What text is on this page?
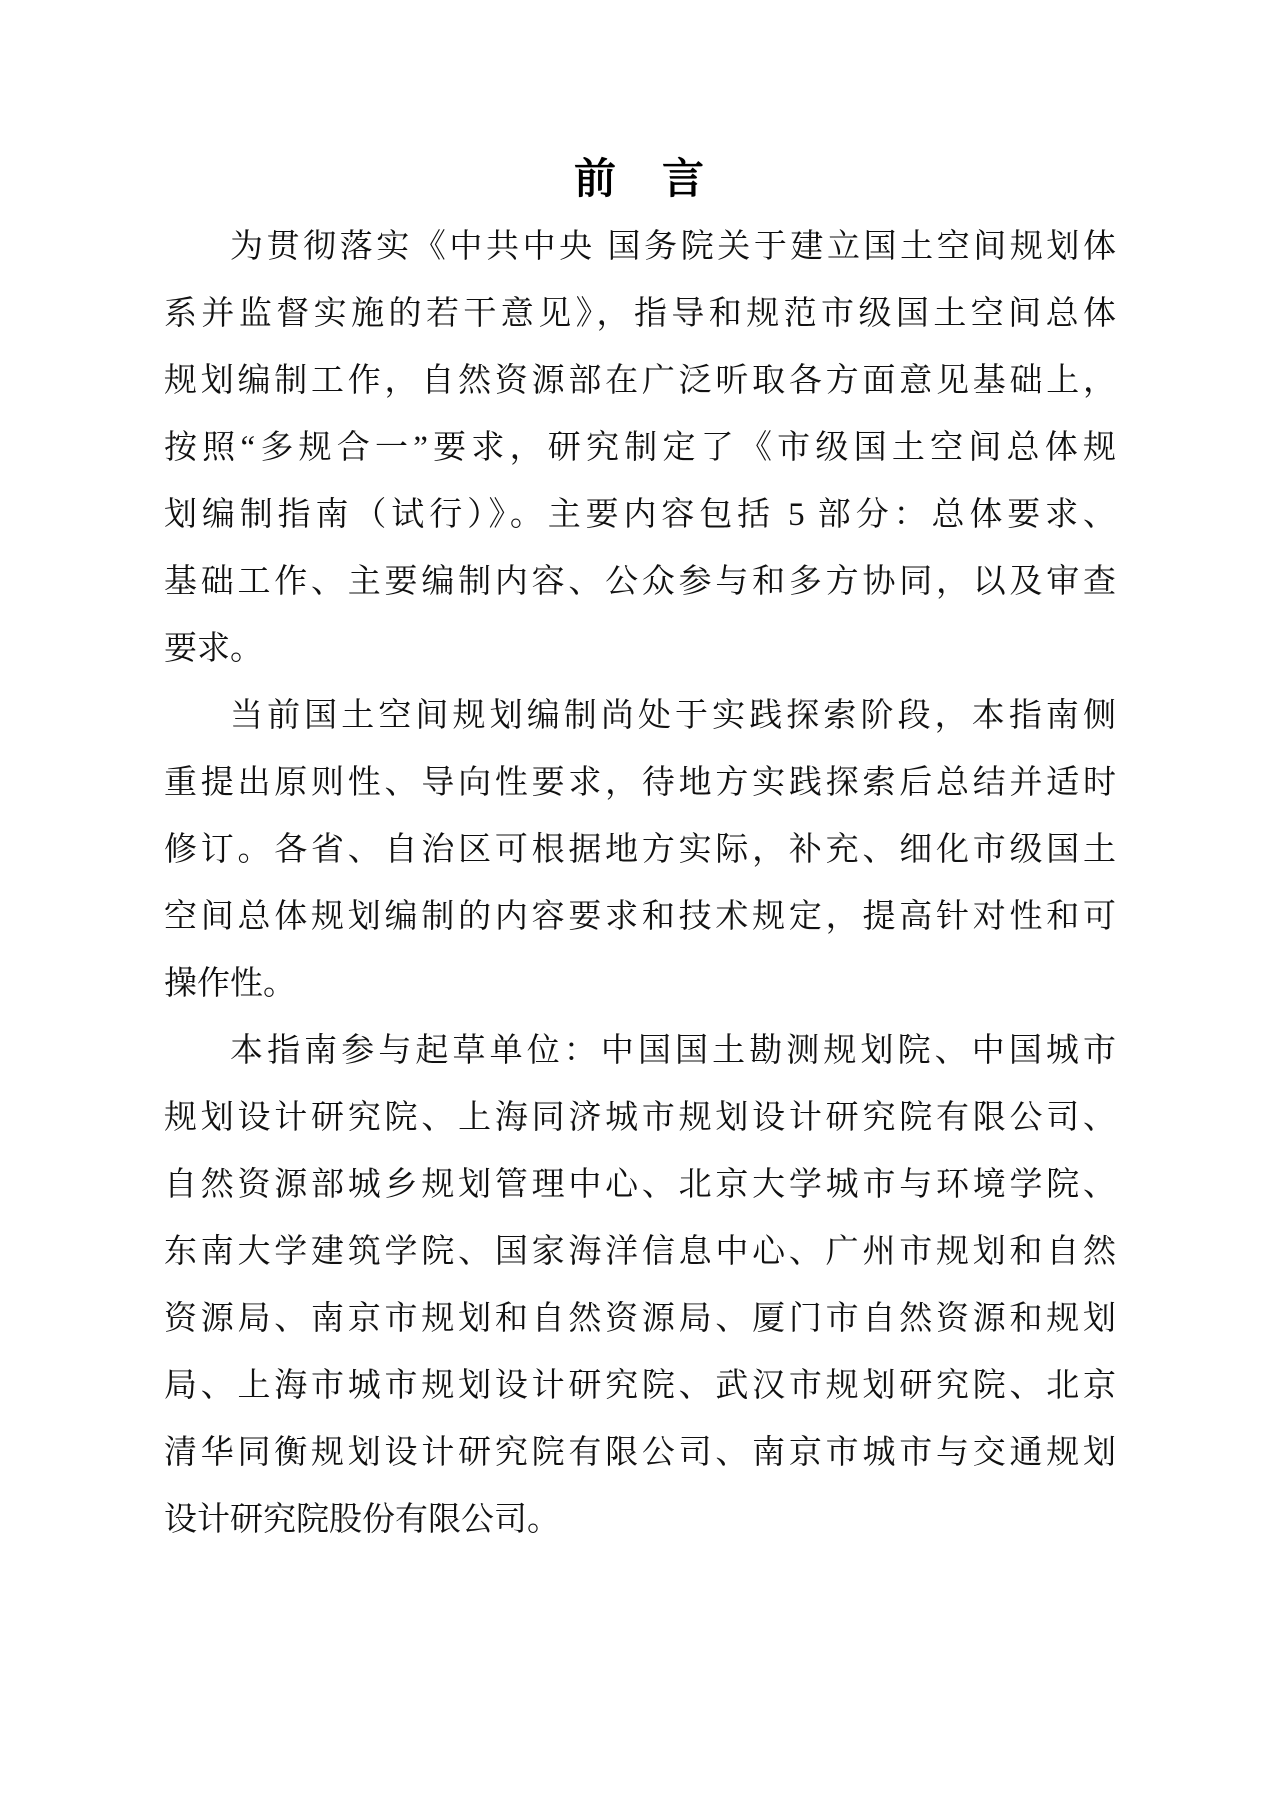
前　言
为贯彻落实《中共中央 国务院关于建立国土空间规划体
系并监督实施的若干意见》，指导和规范市级国土空间总体
规划编制工作，自然资源部在广泛听取各方面意见基础上，
按照“多规合一”要求，研究制定了《市级国土空间总体规
划编制指南（试行）》。主要内容包括 5 部分：总体要求、
基础工作、主要编制内容、公众参与和多方协同，以及审查
要求。
当前国土空间规划编制尚处于实践探索阶段，本指南侧
重提出原则性、导向性要求，待地方实践探索后总结并适时
修订。各省、自治区可根据地方实际，补充、细化市级国土
空间总体规划编制的内容要求和技术规定，提高针对性和可
操作性。
本指南参与起草单位：中国国土勘测规划院、中国城市
规划设计研究院、上海同济城市规划设计研究院有限公司、
自然资源部城乡规划管理中心、北京大学城市与环境学院、
东南大学建筑学院、国家海洋信息中心、广州市规划和自然
资源局、南京市规划和自然资源局、厦门市自然资源和规划
局、上海市城市规划设计研究院、武汉市规划研究院、北京
清华同衡规划设计研究院有限公司、南京市城市与交通规划
设计研究院股份有限公司。
